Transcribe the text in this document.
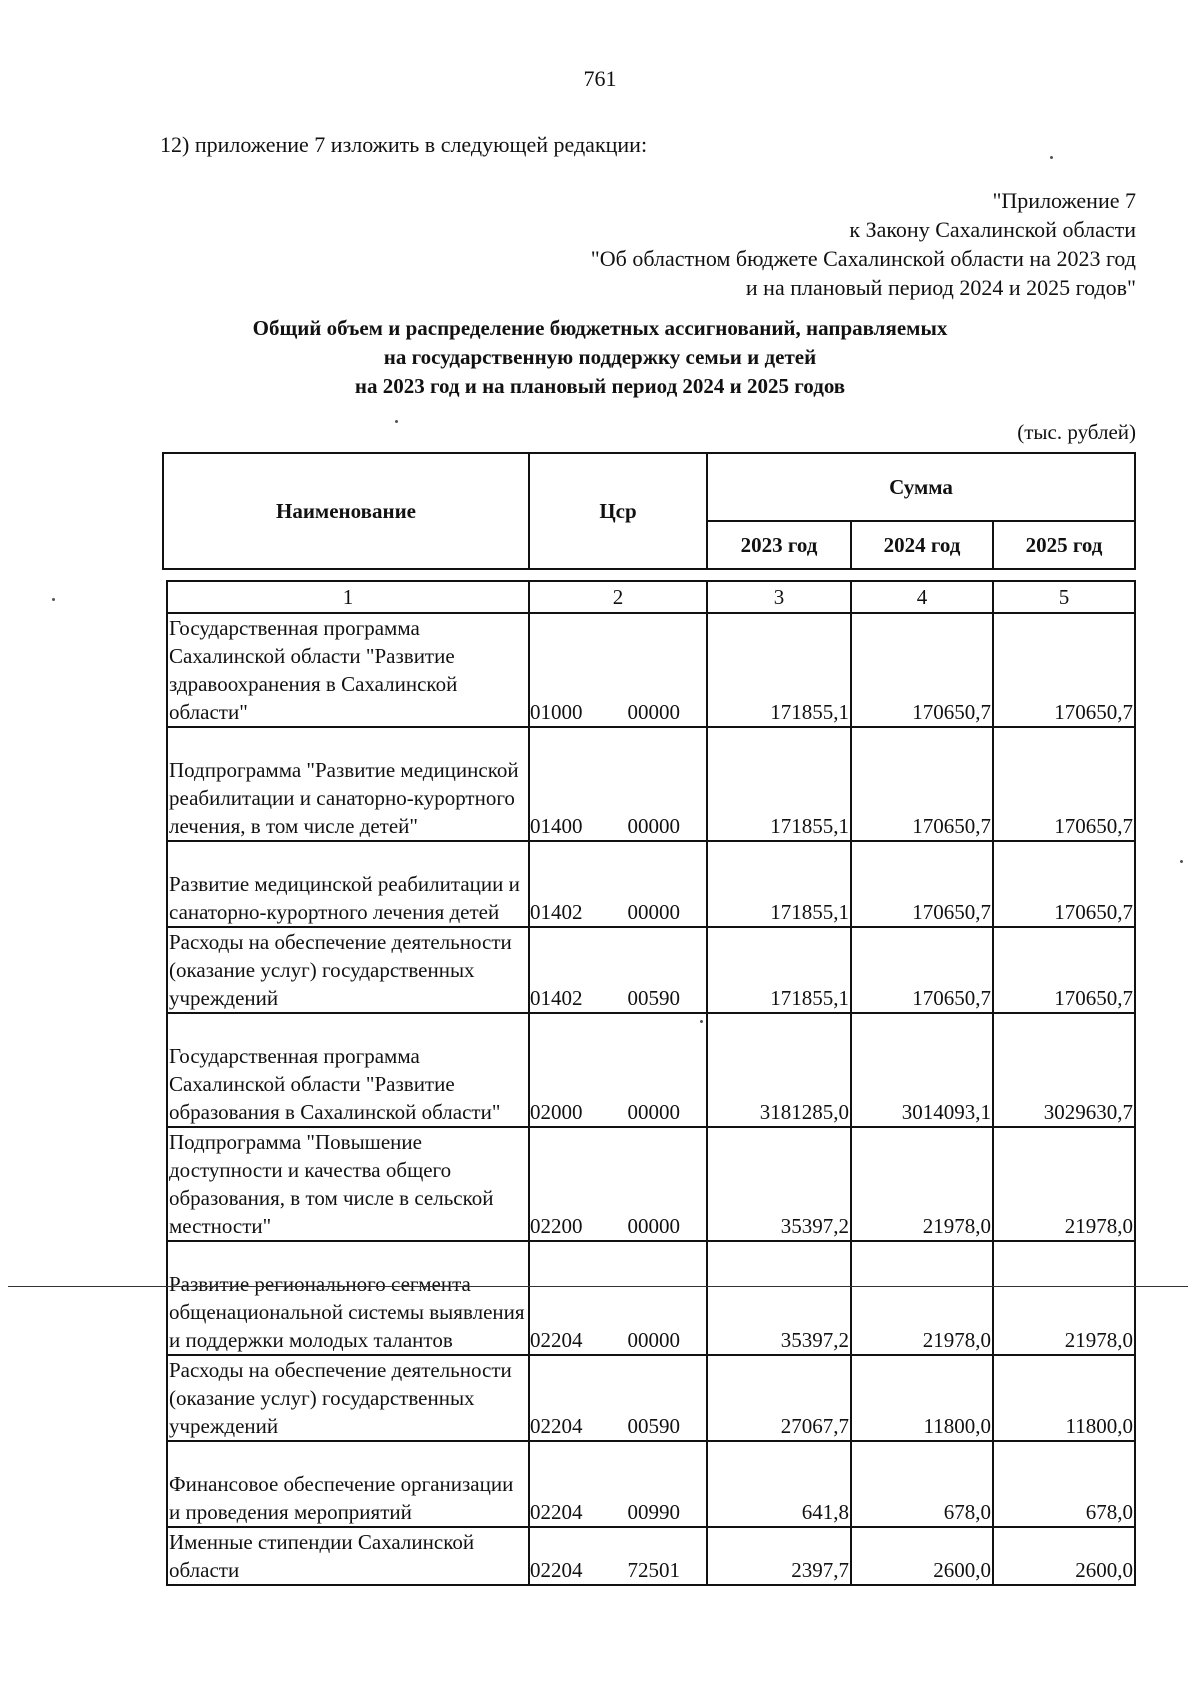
761
12) приложение 7 изложить в следующей редакции:
"Приложение 7
к Закону Сахалинской области
"Об областном бюджете Сахалинской области на 2023 год
и на плановый период 2024 и 2025 годов"
Общий объем и распределение бюджетных ассигнований, направляемых
на государственную поддержку семьи и детей
на 2023 год и на плановый период 2024 и 2025 годов
(тыс. рублей)
Наименование	Цср	Сумма		
		2023 год	2024 год	2025 год
1	2	3	4	5
Государственная программа Сахалинской области "Развитие здравоохранения в Сахалинской области"	01000 00000	171855,1	170650,7	170650,7
Подпрограмма "Развитие медицинской реабилитации и санаторно-курортного лечения, в том числе детей"	01400 00000	171855,1	170650,7	170650,7
Развитие медицинской реабилитации и санаторно-курортного лечения детей	01402 00000	171855,1	170650,7	170650,7
Расходы на обеспечение деятельности (оказание услуг) государственных учреждений	01402 00590	171855,1	170650,7	170650,7
Государственная программа Сахалинской области "Развитие образования в Сахалинской области"	02000 00000	3181285,0	3014093,1	3029630,7
Подпрограмма "Повышение доступности и качества общего образования, в том числе в сельской местности"	02200 00000	35397,2	21978,0	21978,0
Развитие регионального сегмента общенациональной системы выявления и поддержки молодых талантов	02204 00000	35397,2	21978,0	21978,0
Расходы на обеспечение деятельности (оказание услуг) государственных учреждений	02204 00590	27067,7	11800,0	11800,0
Финансовое обеспечение организации и проведения мероприятий	02204 00990	641,8	678,0	678,0
Именные стипендии Сахалинской области	02204 72501	2397,7	2600,0	2600,0
